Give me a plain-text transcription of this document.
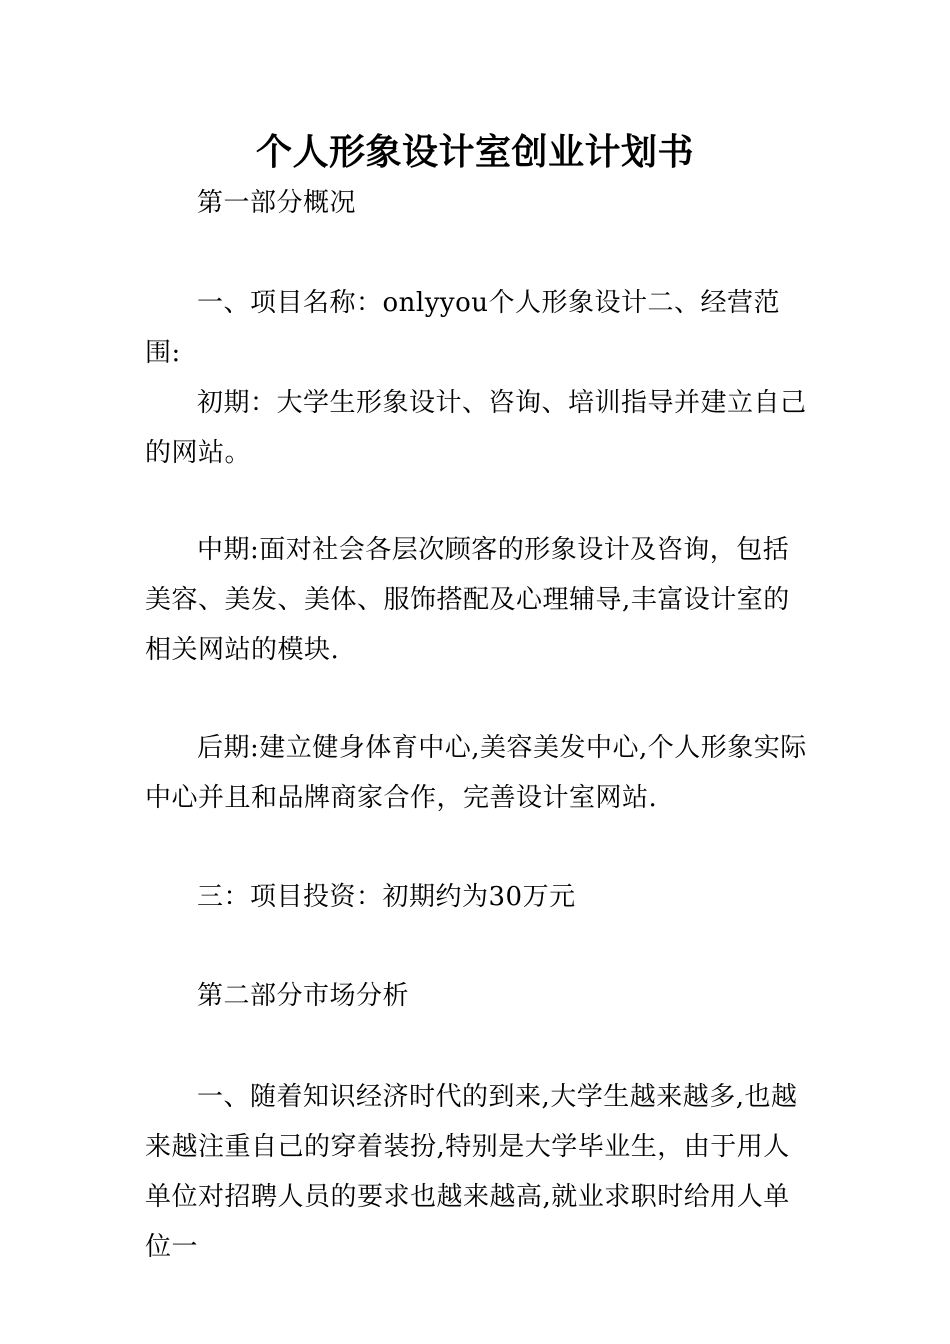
个人形象设计室创业计划书

第一部分概况

一、项目名称：onlyyou个人形象设计二、经营范围:

初期：大学生形象设计、咨询、培训指导并建立自己的网站。

中期:面对社会各层次顾客的形象设计及咨询，包括美容、美发、美体、服饰搭配及心理辅导,丰富设计室的相关网站的模块.

后期:建立健身体育中心,美容美发中心,个人形象实际中心并且和品牌商家合作，完善设计室网站.

三：项目投资：初期约为30万元

第二部分市场分析

一、随着知识经济时代的到来,大学生越来越多,也越来越注重自己的穿着装扮,特别是大学毕业生，由于用人单位对招聘人员的要求也越来越高,就业求职时给用人单位一
